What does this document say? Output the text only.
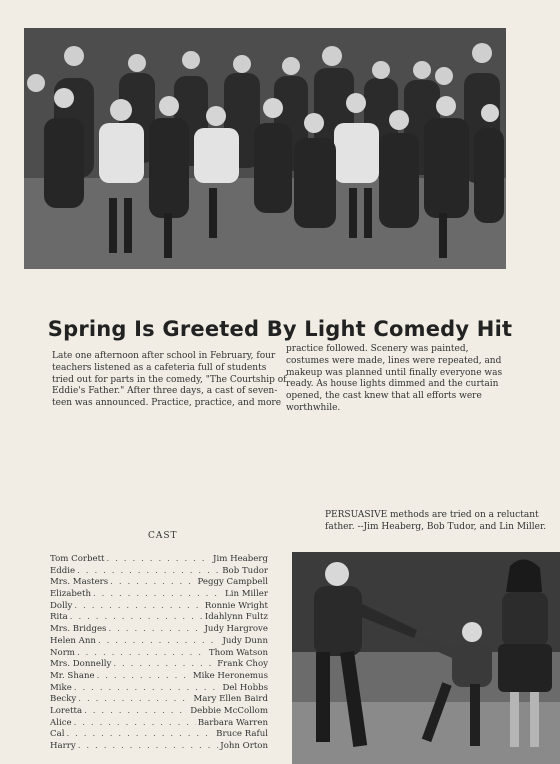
Spring Is Greeted By Light Comedy Hit
Late one afternoon after school in February, four teachers listened as a cafeteria full of students tried out for parts in the comedy, "The Courtship of Eddie's Father." After three days, a cast of seven-teen was announced. Practice, practice, and more
practice followed. Scenery was painted, costumes were made, lines were repeated, and makeup was planned until finally everyone was ready. As house lights dimmed and the curtain opened, the cast knew that all efforts were worthwhile.
PERSUASIVE methods are tried on a reluctant father. --Jim Heaberg, Bob Tudor, and Lin Miller.
CAST
Tom Corbett . . .	Jim Heaberg
Eddie . . .	Bob Tudor
Mrs. Masters . . .	Peggy Campbell
Elizabeth . . .	Lin Miller
Dolly . . .	Ronnie Wright
Rita . . .	Idahlynn Fultz
Mrs. Bridges . . .	Judy Hargrove
Helen Ann . . .	Judy Dunn
Norm . . .	Thom Watson
Mrs. Donnelly . . .	Frank Choy
Mr. Shane . . .	Mike Heronemus
Mike . . .	Del Hobbs
Becky . . .	Mary Ellen Baird
Loretta . . .	Debbie McCollom
Alice . . .	Barbara Warren
Cal . . .	Bruce Raful
Harry . . .	John Orton
